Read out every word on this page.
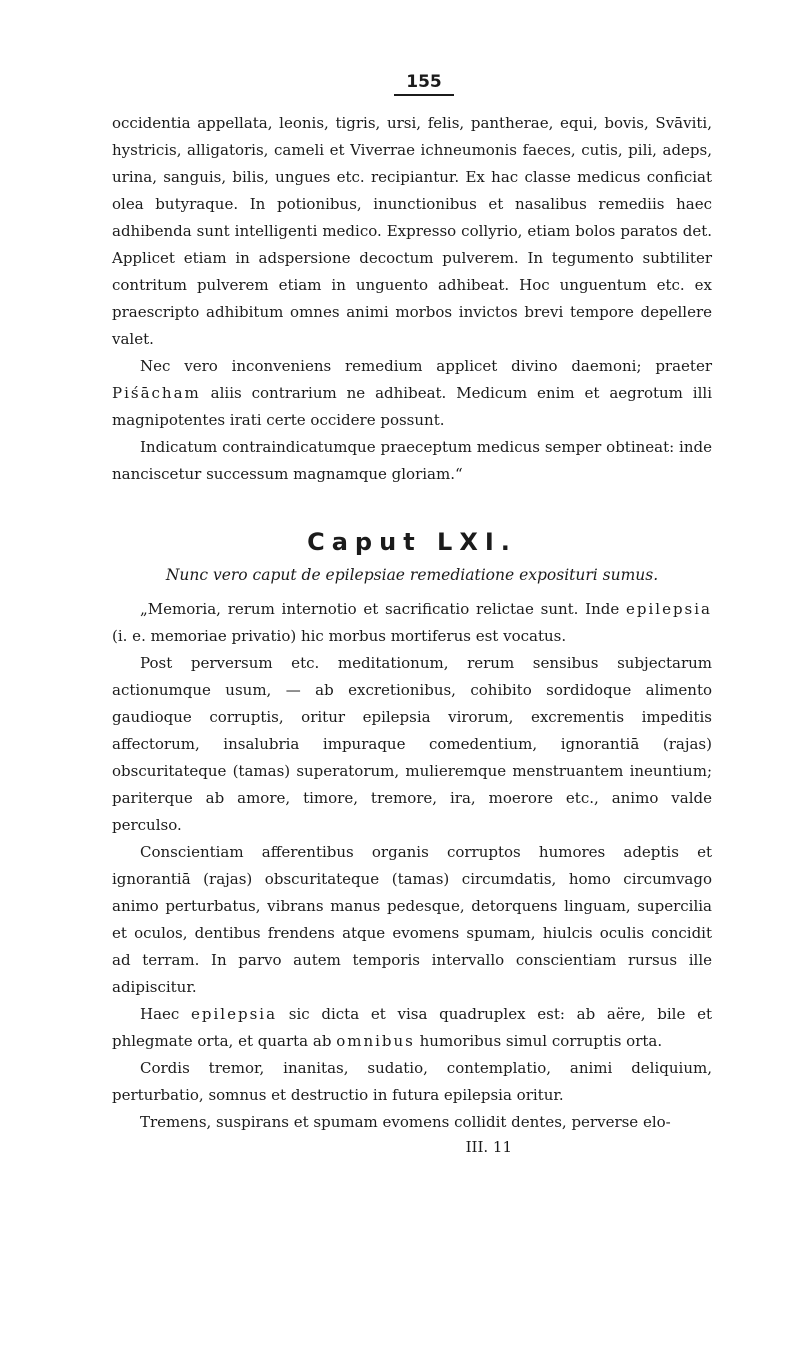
155

occidentia appellata, leonis, tigris, ursi, felis, pantherae, equi, bovis, Svāviti, hystricis, alligatoris, cameli et Viverrae ichneumonis faeces, cutis, pili, adeps, urina, sanguis, bilis, ungues etc. recipiantur. Ex hac classe medicus conficiat olea butyraque. In potionibus, inunctionibus et nasalibus remediis haec adhibenda sunt intelligenti medico. Expresso collyrio, etiam bolos paratos det. Applicet etiam in adspersione decoctum pulverem. In tegumento subtiliter contritum pulverem etiam in unguento adhibeat. Hoc unguentum etc. ex praescripto adhibitum omnes animi morbos invictos brevi tempore depellere valet.

Nec vero inconveniens remedium applicet divino daemoni; praeter Piśācham aliis contrarium ne adhibeat. Medicum enim et aegrotum illi magnipotentes irati certe occidere possunt.

Indicatum contraindicatumque praeceptum medicus semper obtineat: inde nanciscetur successum magnamque gloriam.“

Caput LXI.
Nunc vero caput de epilepsiae remediatione exposituri sumus.

„Memoria, rerum internotio et sacrificatio relictae sunt. Inde epilepsia (i. e. memoriae privatio) hic morbus mortiferus est vocatus.

Post perversum etc. meditationum, rerum sensibus subjectarum actionumque usum, — ab excretionibus, cohibito sordidoque alimento gaudioque corruptis, oritur epilepsia virorum, excrementis impeditis affectorum, insalubria impuraque comedentium, ignorantiā (rajas) obscuritateque (tamas) superatorum, mulieremque menstruantem ineuntium; pariterque ab amore, timore, tremore, ira, moerore etc., animo valde perculso.

Conscientiam afferentibus organis corruptos humores adeptis et ignorantiā (rajas) obscuritateque (tamas) circumdatis, homo circumvago animo perturbatus, vibrans manus pedesque, detorquens linguam, supercilia et oculos, dentibus frendens atque evomens spumam, hiulcis oculis concidit ad terram. In parvo autem temporis intervallo conscientiam rursus ille adipiscitur.

Haec epilepsia sic dicta et visa quadruplex est: ab aëre, bile et phlegmate orta, et quarta ab omnibus humoribus simul corruptis orta.

Cordis tremor, inanitas, sudatio, contemplatio, animi deliquium, perturbatio, somnus et destructio in futura epilepsia oritur.

Tremens, suspirans et spumam evomens collidit dentes, perverse elo-

III. 11
